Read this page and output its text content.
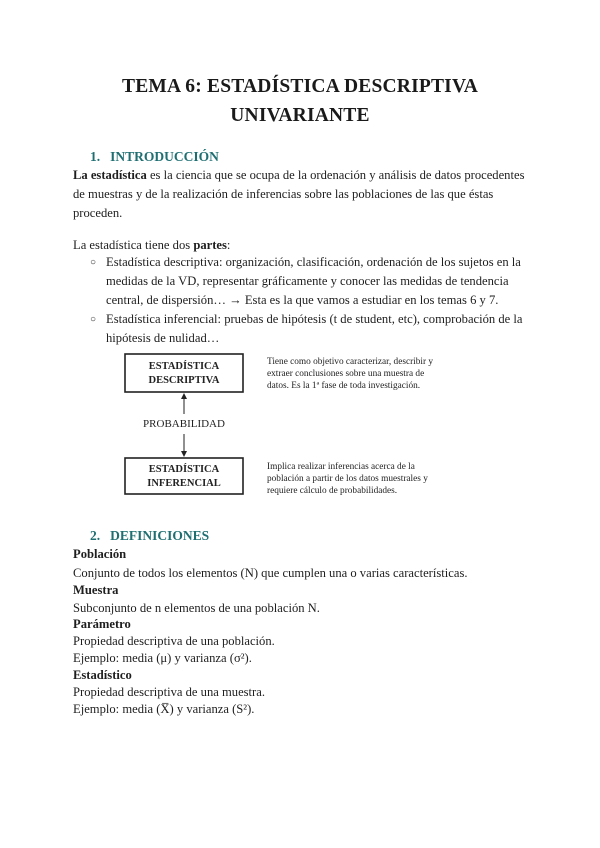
TEMA 6: ESTADÍSTICA DESCRIPTIVA
UNIVARIANTE
1. INTRODUCCIÓN
La estadística es la ciencia que se ocupa de la ordenación y análisis de datos procedentes de muestras y de la realización de inferencias sobre las poblaciones de las que éstas proceden.
La estadística tiene dos partes:
○ Estadística descriptiva: organización, clasificación, ordenación de los sujetos en la medidas de la VD, representar gráficamente y conocer las medidas de tendencia central, de dispersión… → Esta es la que vamos a estudiar en los temas 6 y 7.
○ Estadística inferencial: pruebas de hipótesis (t de student, etc), comprobación de la hipótesis de nulidad…
ESTADÍSTICA
DESCRIPTIVA
PROBABILIDAD
ESTADÍSTICA
INFERENCIAL
Tiene como objetivo caracterizar, describir y
extraer conclusiones sobre una muestra de
datos. Es la 1ª fase de toda investigación.
Implica realizar inferencias acerca de la
población a partir de los datos muestrales y
requiere cálculo de probabilidades.
2. DEFINICIONES
Población
Conjunto de todos los elementos (N) que cumplen una o varias características.
Muestra
Subconjunto de n elementos de una población N.
Parámetro
Propiedad descriptiva de una población.
Ejemplo: media (μ) y varianza (σ²).
Estadístico
Propiedad descriptiva de una muestra.
Ejemplo: media (X̅) y varianza (S²).
